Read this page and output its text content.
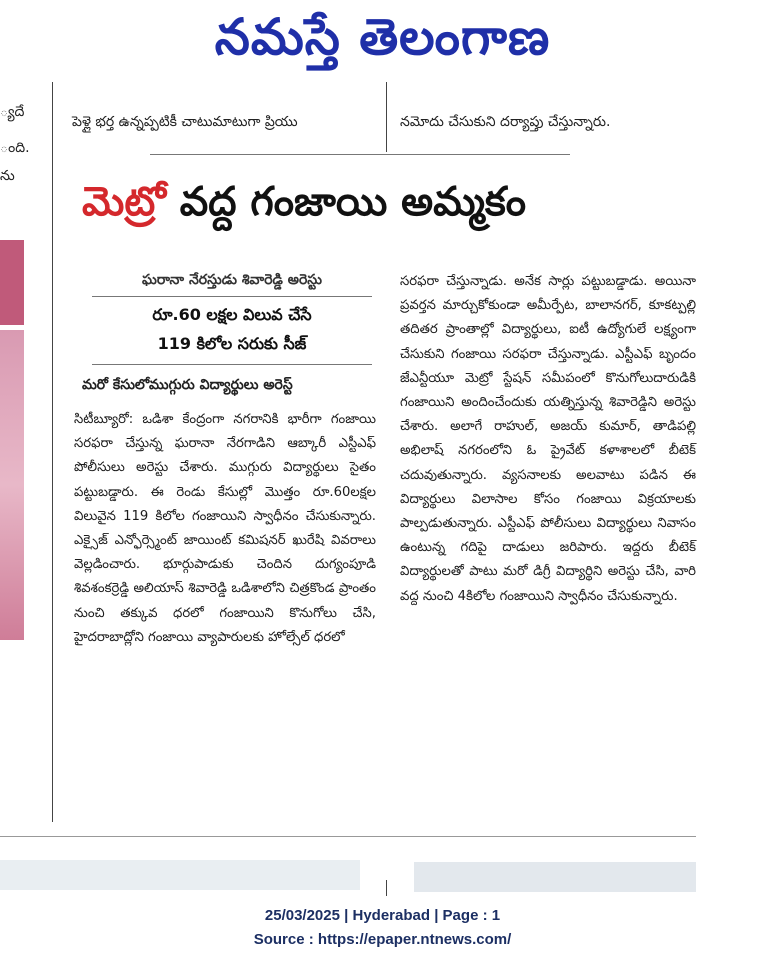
నమస్తే తెలంగాణ
్యదే
ంది.
ను
పెళ్లై భర్త ఉన్నప్పటికీ చాటుమాటుగా ప్రియు	నమోదు చేసుకుని దర్యాప్తు చేస్తున్నారు.
మెట్రో వద్ద గంజాయి అమ్మకం
ఘరానా నేరస్తుడు శివారెడ్డి అరెస్టు
రూ.60 లక్షల విలువ చేసే
119 కిలోల సరుకు సీజ్
మరో కేసులోముగ్గురు విద్యార్థులు అరెస్ట్

సిటీబ్యూరో: ఒడిశా కేంద్రంగా నగరానికి భారీగా గంజాయి సరఫరా చేస్తున్న ఘరానా నేరగాడిని ఆబ్కారీ ఎస్టీఎఫ్ పోలీసులు అరెస్టు చేశారు. ముగ్గురు విద్యార్థులు సైతం పట్టుబడ్డారు. ఈ రెండు కేసుల్లో మొత్తం రూ.60లక్షల విలువైన 119 కిలోల గంజాయిని స్వాధీనం చేసుకున్నారు. ఎక్సైజ్ ఎన్ఫోర్స్మెంట్ జాయింట్ కమిషనర్ ఖురేషి వివరాలు వెల్లడించారు. భూర్గుపాడుకు చెందిన దుగ్యంపూడి శివశంకర్రెడ్డి అలియాస్ శివారెడ్డి ఒడిశాలోని చిత్రకొండ ప్రాంతం నుంచి తక్కువ ధరలో గంజాయిని కొనుగోలు చేసి, హైదరాబాద్లోని గంజాయి వ్యాపారులకు హోల్సేల్ ధరలో

సరఫరా చేస్తున్నాడు. అనేక సార్లు పట్టుబడ్డాడు. అయినా ప్రవర్తన మార్చుకోకుండా అమీర్పేట, బాలానగర్, కూకట్పల్లి తదితర ప్రాంతాల్లో విద్యార్థులు, ఐటీ ఉద్యోగులే లక్ష్యంగా చేసుకుని గంజాయి సరఫరా చేస్తున్నాడు. ఎస్టీఎఫ్ బృందం జేఎన్టీయూ మెట్రో స్టేషన్ సమీపంలో కొనుగోలుదారుడికి గంజాయిని అందించేందుకు యత్నిస్తున్న శివారెడ్డిని అరెస్టు చేశారు. అలాగే రాహుల్, అజయ్ కుమార్, తాడిపల్లి అభిలాష్ నగరంలోని ఓ ప్రైవేట్ కళాశాలలో బీటెక్ చదువుతున్నారు. వ్యసనాలకు అలవాటు పడిన ఈ విద్యార్థులు విలాసాల కోసం గంజాయి విక్రయాలకు పాల్పడుతున్నారు. ఎస్టీఎఫ్ పోలీసులు విద్యార్థులు నివాసం ఉంటున్న గదిపై దాడులు జరిపారు. ఇద్దరు బీటెక్ విద్యార్థులతో పాటు మరో డిగ్రీ విద్యార్థిని అరెస్టు చేసి, వారి వద్ద నుంచి 4కిలోల గంజాయిని స్వాధీనం చేసుకున్నారు.

25/03/2025 | Hyderabad | Page : 1
Source : https://epaper.ntnews.com/
